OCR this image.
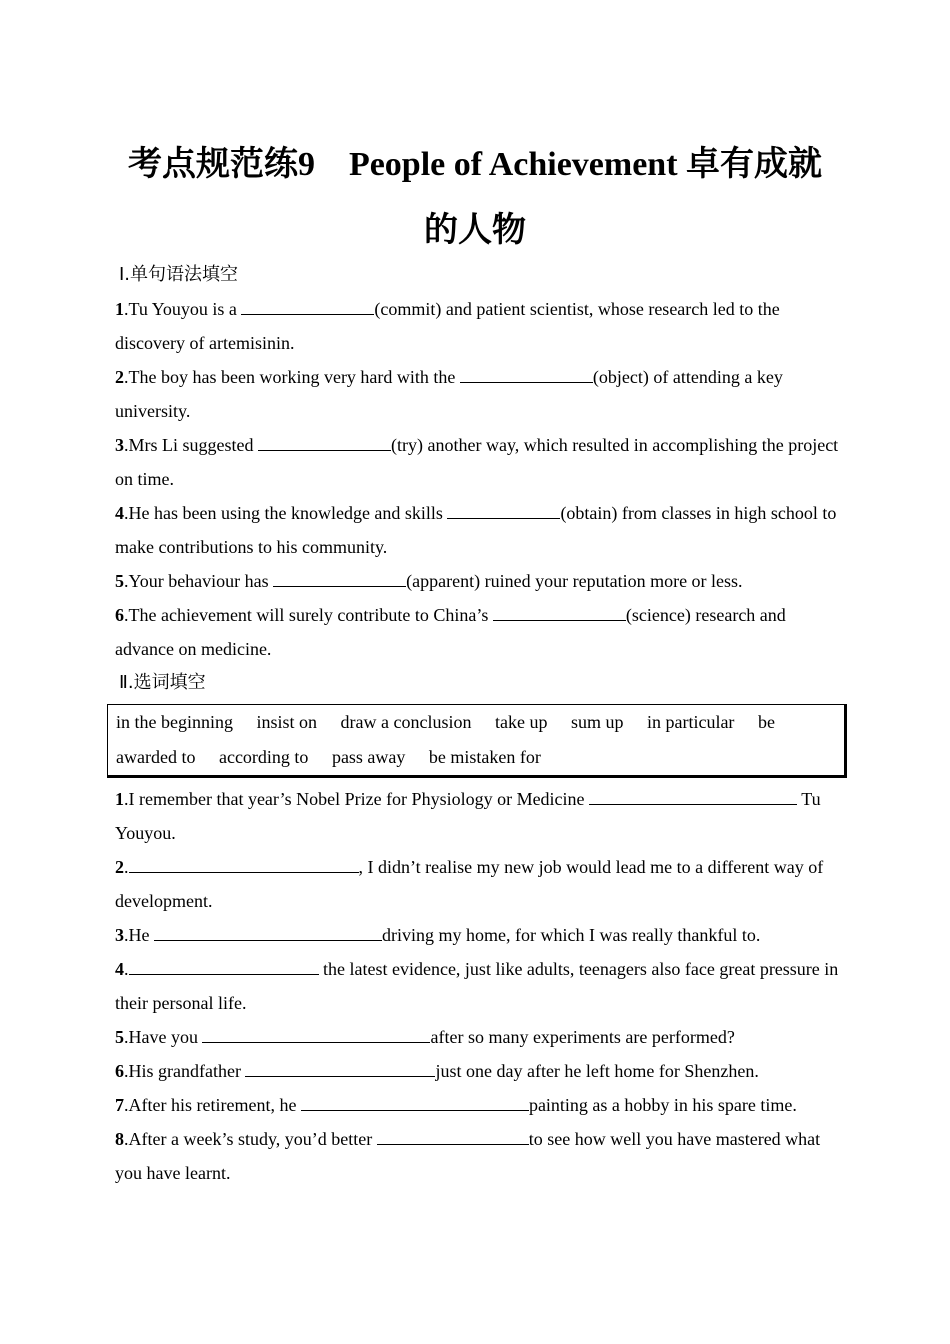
考点规范练9　People of Achievement 卓有成就的人物
Ⅰ.单句语法填空

1.Tu Youyou is a	(commit) and patient scientist, whose research led to the discovery of artemisinin.

2.The boy has been working very hard with the	(object) of attending a key university.

3.Mrs Li suggested	(try) another way, which resulted in accomplishing the project on time.

4.He has been using the knowledge and skills	(obtain) from classes in high school to make contributions to his community.

5.Your behaviour has	(apparent) ruined your reputation more or less.

6.The achievement will surely contribute to China’s	(science) research and advance on medicine.

Ⅱ.选词填空
in the beginning insist on draw a conclusion take up sum up in particular be awarded to according to pass away be mistaken for

1.I remember that year’s Nobel Prize for Physiology or Medicine	Tu Youyou.

2.	, I didn’t realise my new job would lead me to a different way of development.

3.He	driving my home, for which I was really thankful to.

4.	the latest evidence, just like adults, teenagers also face great pressure in their personal life.

5.Have you	after so many experiments are performed?

6.His grandfather	just one day after he left home for Shenzhen.

7.After his retirement, he	painting as a hobby in his spare time.

8.After a week’s study, you’d better	to see how well you have mastered what you have learnt.
